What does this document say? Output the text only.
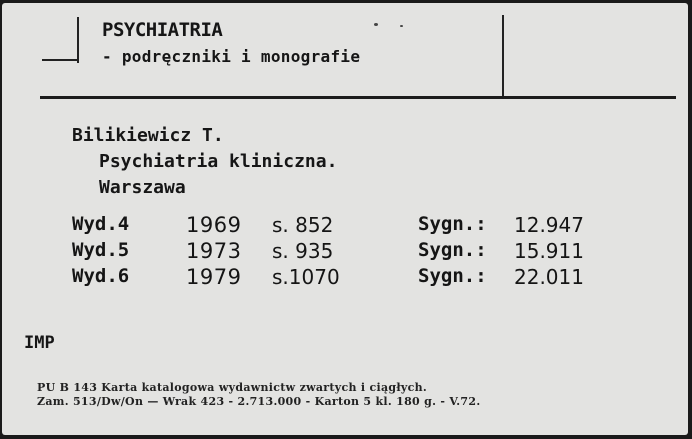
PSYCHIATRIA
- podręczniki i monografie
Bilikiewicz T.
Psychiatria kliniczna.
Warszawa
Wyd.4	1969 s. 852	Sygn.: 12.947
Wyd.5	1973 s. 935	Sygn.: 15.911
Wyd.6	1979 s.1070	Sygn.: 22.011
IMP
PU B 143 Karta katalogowa wydawnictw zwartych i ciągłych.
Zam. 513/Dw/On — Wrak 423 - 2.713.000 - Karton 5 kl. 180 g. - V.72.
